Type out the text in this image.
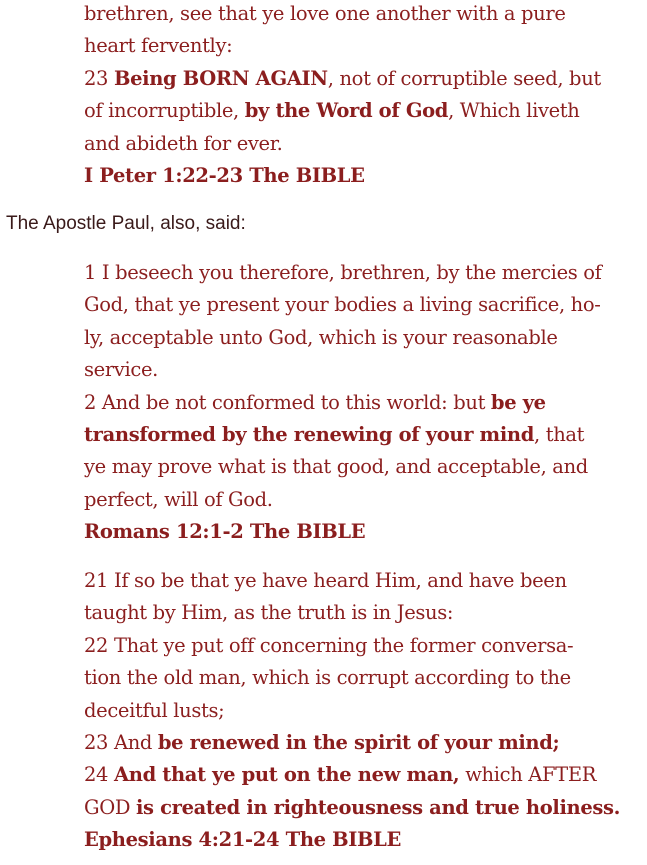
brethren, see that ye love one another with a pure
heart fervently:
23 Being BORN AGAIN, not of corruptible seed, but
of incorruptible, by the Word of God, Which liveth
and abideth for ever.
I Peter 1:22-23 The BIBLE
The Apostle Paul, also, said:
1 I beseech you therefore, brethren, by the mercies of
God, that ye present your bodies a living sacrifice, ho-
ly, acceptable unto God, which is your reasonable
service.
2 And be not conformed to this world: but be ye
transformed by the renewing of your mind, that
ye may prove what is that good, and acceptable, and
perfect, will of God.
Romans 12:1-2 The BIBLE
21 If so be that ye have heard Him, and have been
taught by Him, as the truth is in Jesus:
22 That ye put off concerning the former conversa-
tion the old man, which is corrupt according to the
deceitful lusts;
23 And be renewed in the spirit of your mind;
24 And that ye put on the new man, which AFTER
GOD is created in righteousness and true holiness.
Ephesians 4:21-24 The BIBLE
